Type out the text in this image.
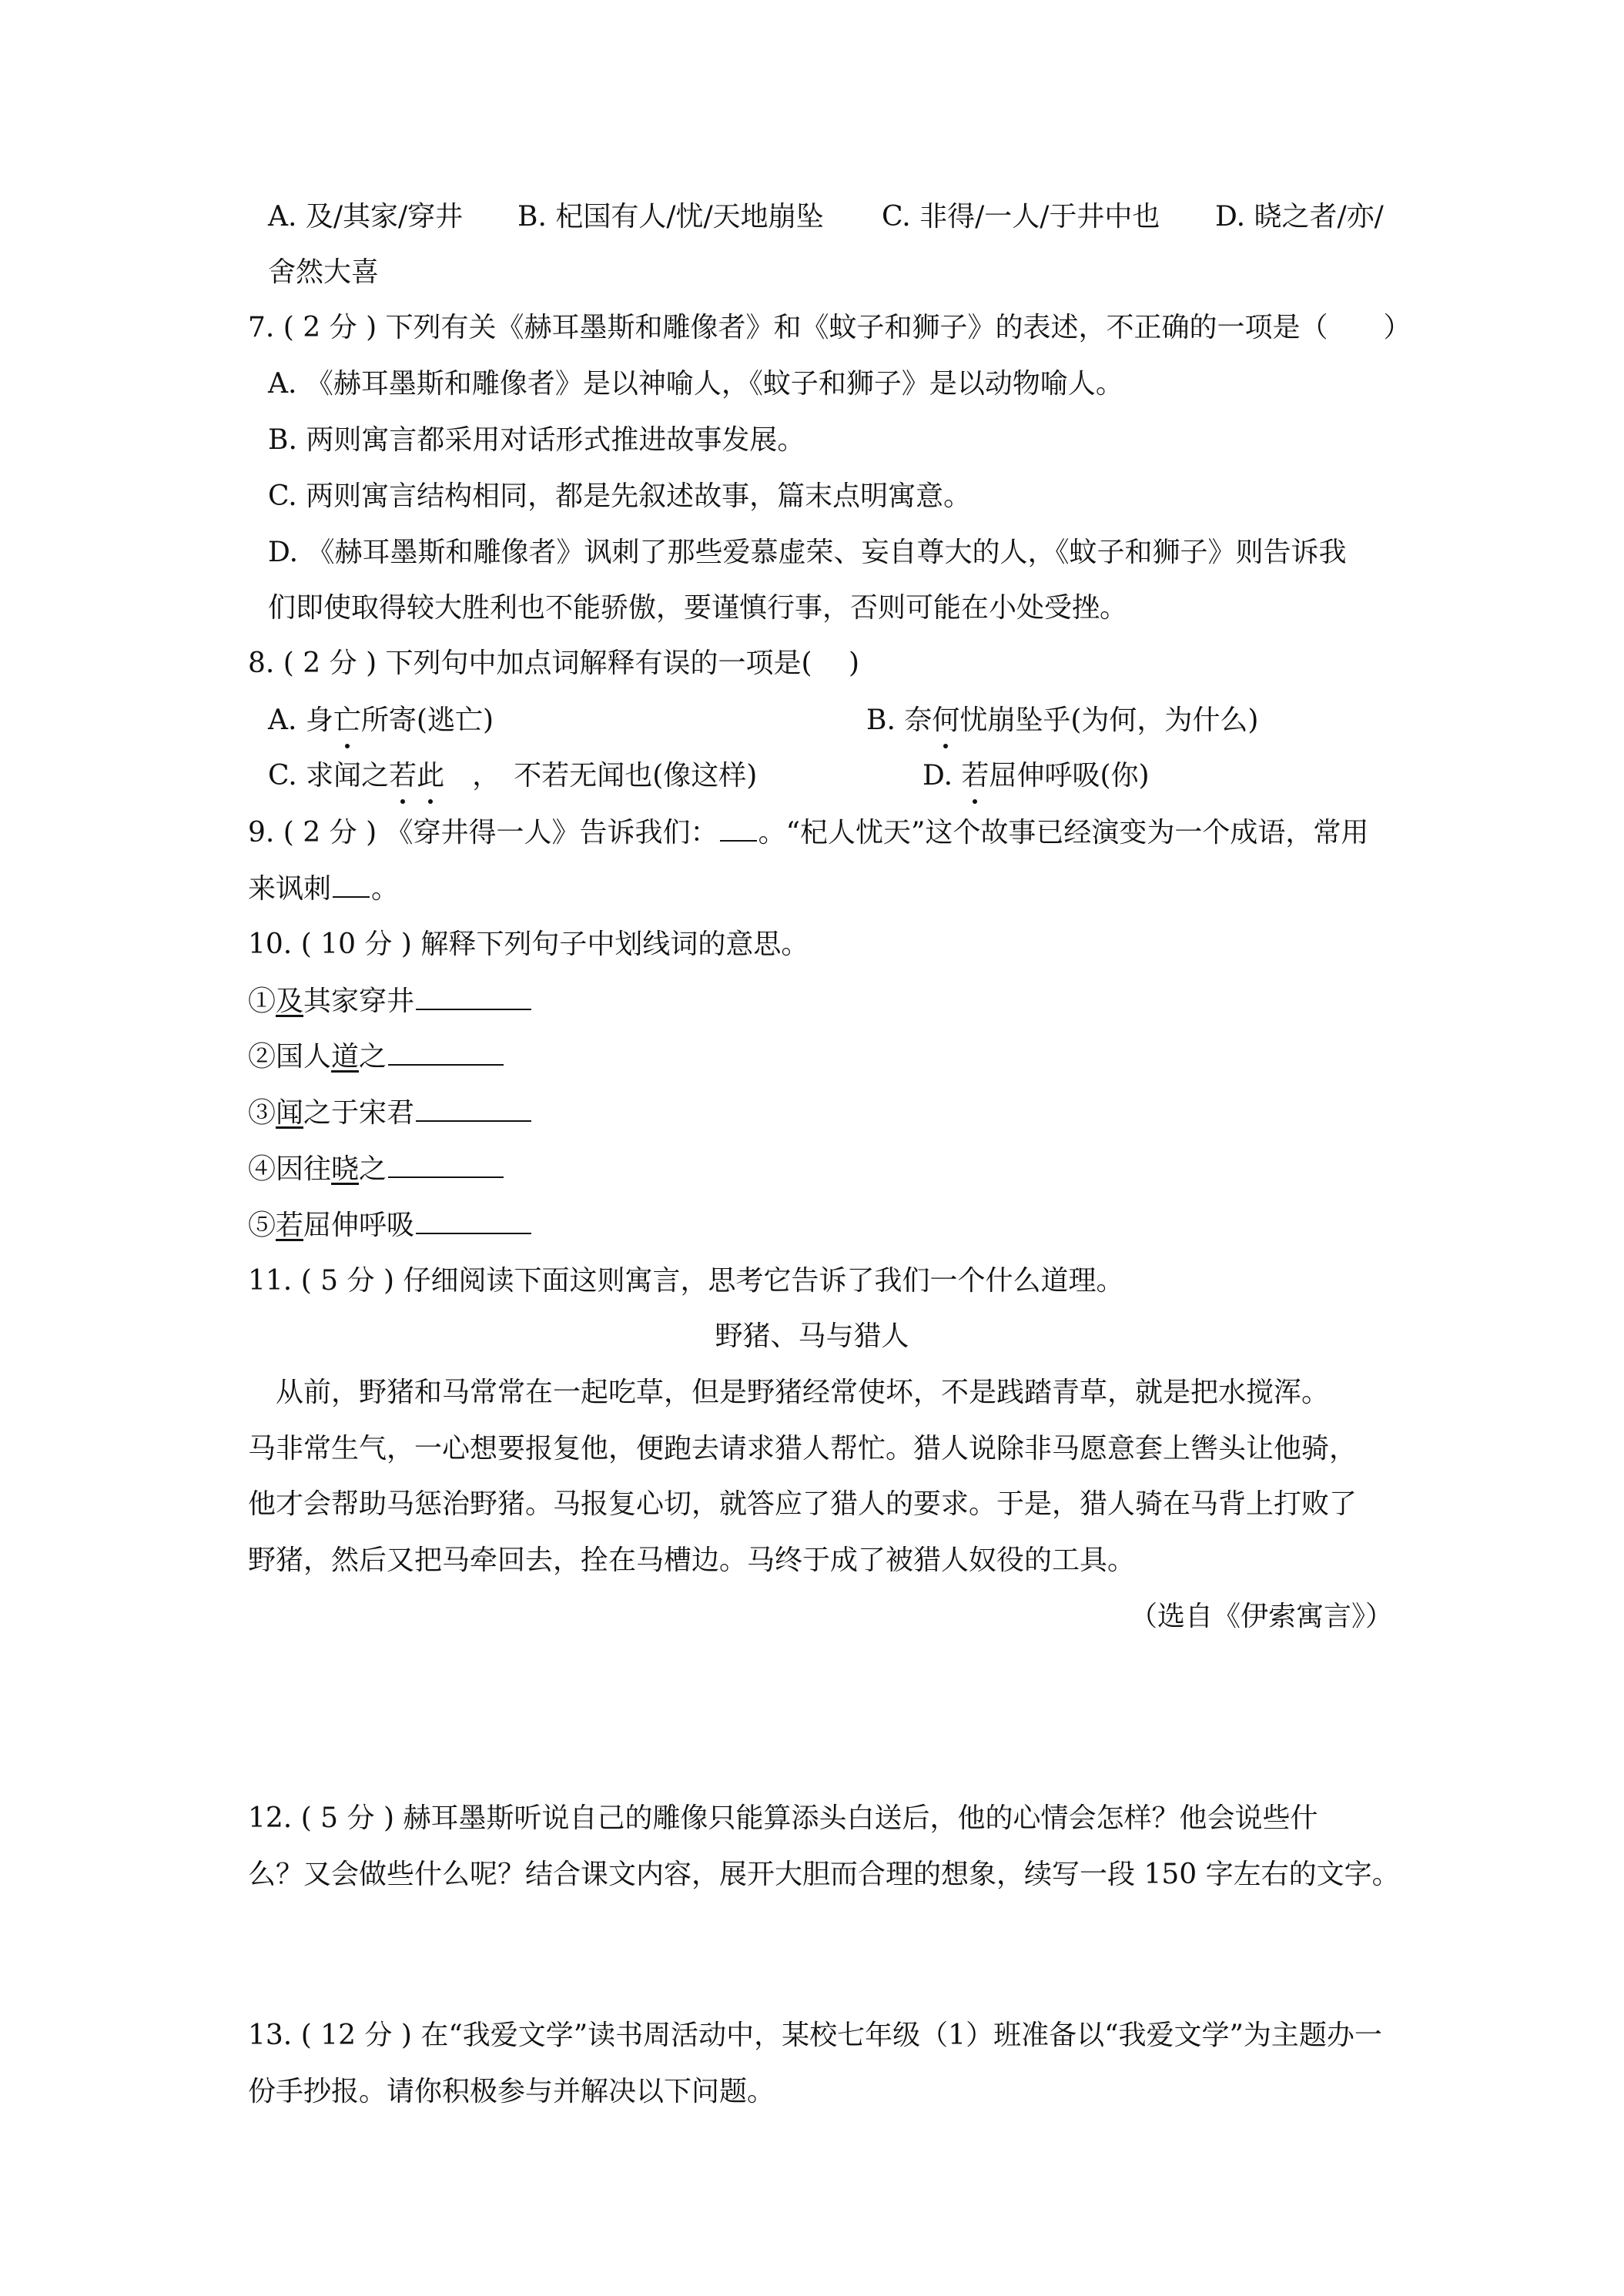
A. 及/其家/穿井 B. 杞国有人/忧/天地崩坠 C. 非得/一人/于井中也 D. 晓之者/亦/
舍然大喜
7. ( 2 分 ) 下列有关《赫耳墨斯和雕像者》和《蚊子和狮子》的表述，不正确的一项是（　　）
A. 《赫耳墨斯和雕像者》是以神喻人，《蚊子和狮子》是以动物喻人。
B. 两则寓言都采用对话形式推进故事发展。
C. 两则寓言结构相同，都是先叙述故事，篇末点明寓意。
D. 《赫耳墨斯和雕像者》讽刺了那些爱慕虚荣、妄自尊大的人，《蚊子和狮子》则告诉我
们即使取得较大胜利也不能骄傲，要谨慎行事，否则可能在小处受挫。
8. ( 2 分 ) 下列句中加点词解释有误的一项是(　 )
A. 身亡所寄(逃亡)	B. 奈何忧崩坠乎(为何，为什么)
C. 求闻之若此　，　不若无闻也(像这样)	D. 若屈伸呼吸(你)
9. ( 2 分 ) 《穿井得一人》告诉我们： 。“杞人忧天”这个故事已经演变为一个成语，常用
来讽刺 。
10. ( 10 分 ) 解释下列句子中划线词的意思。
①及其家穿井
②国人道之
③闻之于宋君
④因往晓之
⑤若屈伸呼吸
11. ( 5 分 ) 仔细阅读下面这则寓言，思考它告诉了我们一个什么道理。
野猪、马与猎人
从前，野猪和马常常在一起吃草，但是野猪经常使坏，不是践踏青草，就是把水搅浑。
马非常生气，一心想要报复他，便跑去请求猎人帮忙。猎人说除非马愿意套上辔头让他骑，
他才会帮助马惩治野猪。马报复心切，就答应了猎人的要求。于是，猎人骑在马背上打败了
野猪，然后又把马牵回去，拴在马槽边。马终于成了被猎人奴役的工具。
（选自《伊索寓言》）
12. ( 5 分 ) 赫耳墨斯听说自己的雕像只能算添头白送后，他的心情会怎样？他会说些什
么？又会做些什么呢？结合课文内容，展开大胆而合理的想象，续写一段 150 字左右的文字。
13. ( 12 分 ) 在“我爱文学”读书周活动中，某校七年级（1）班准备以“我爱文学”为主题办一
份手抄报。请你积极参与并解决以下问题。
